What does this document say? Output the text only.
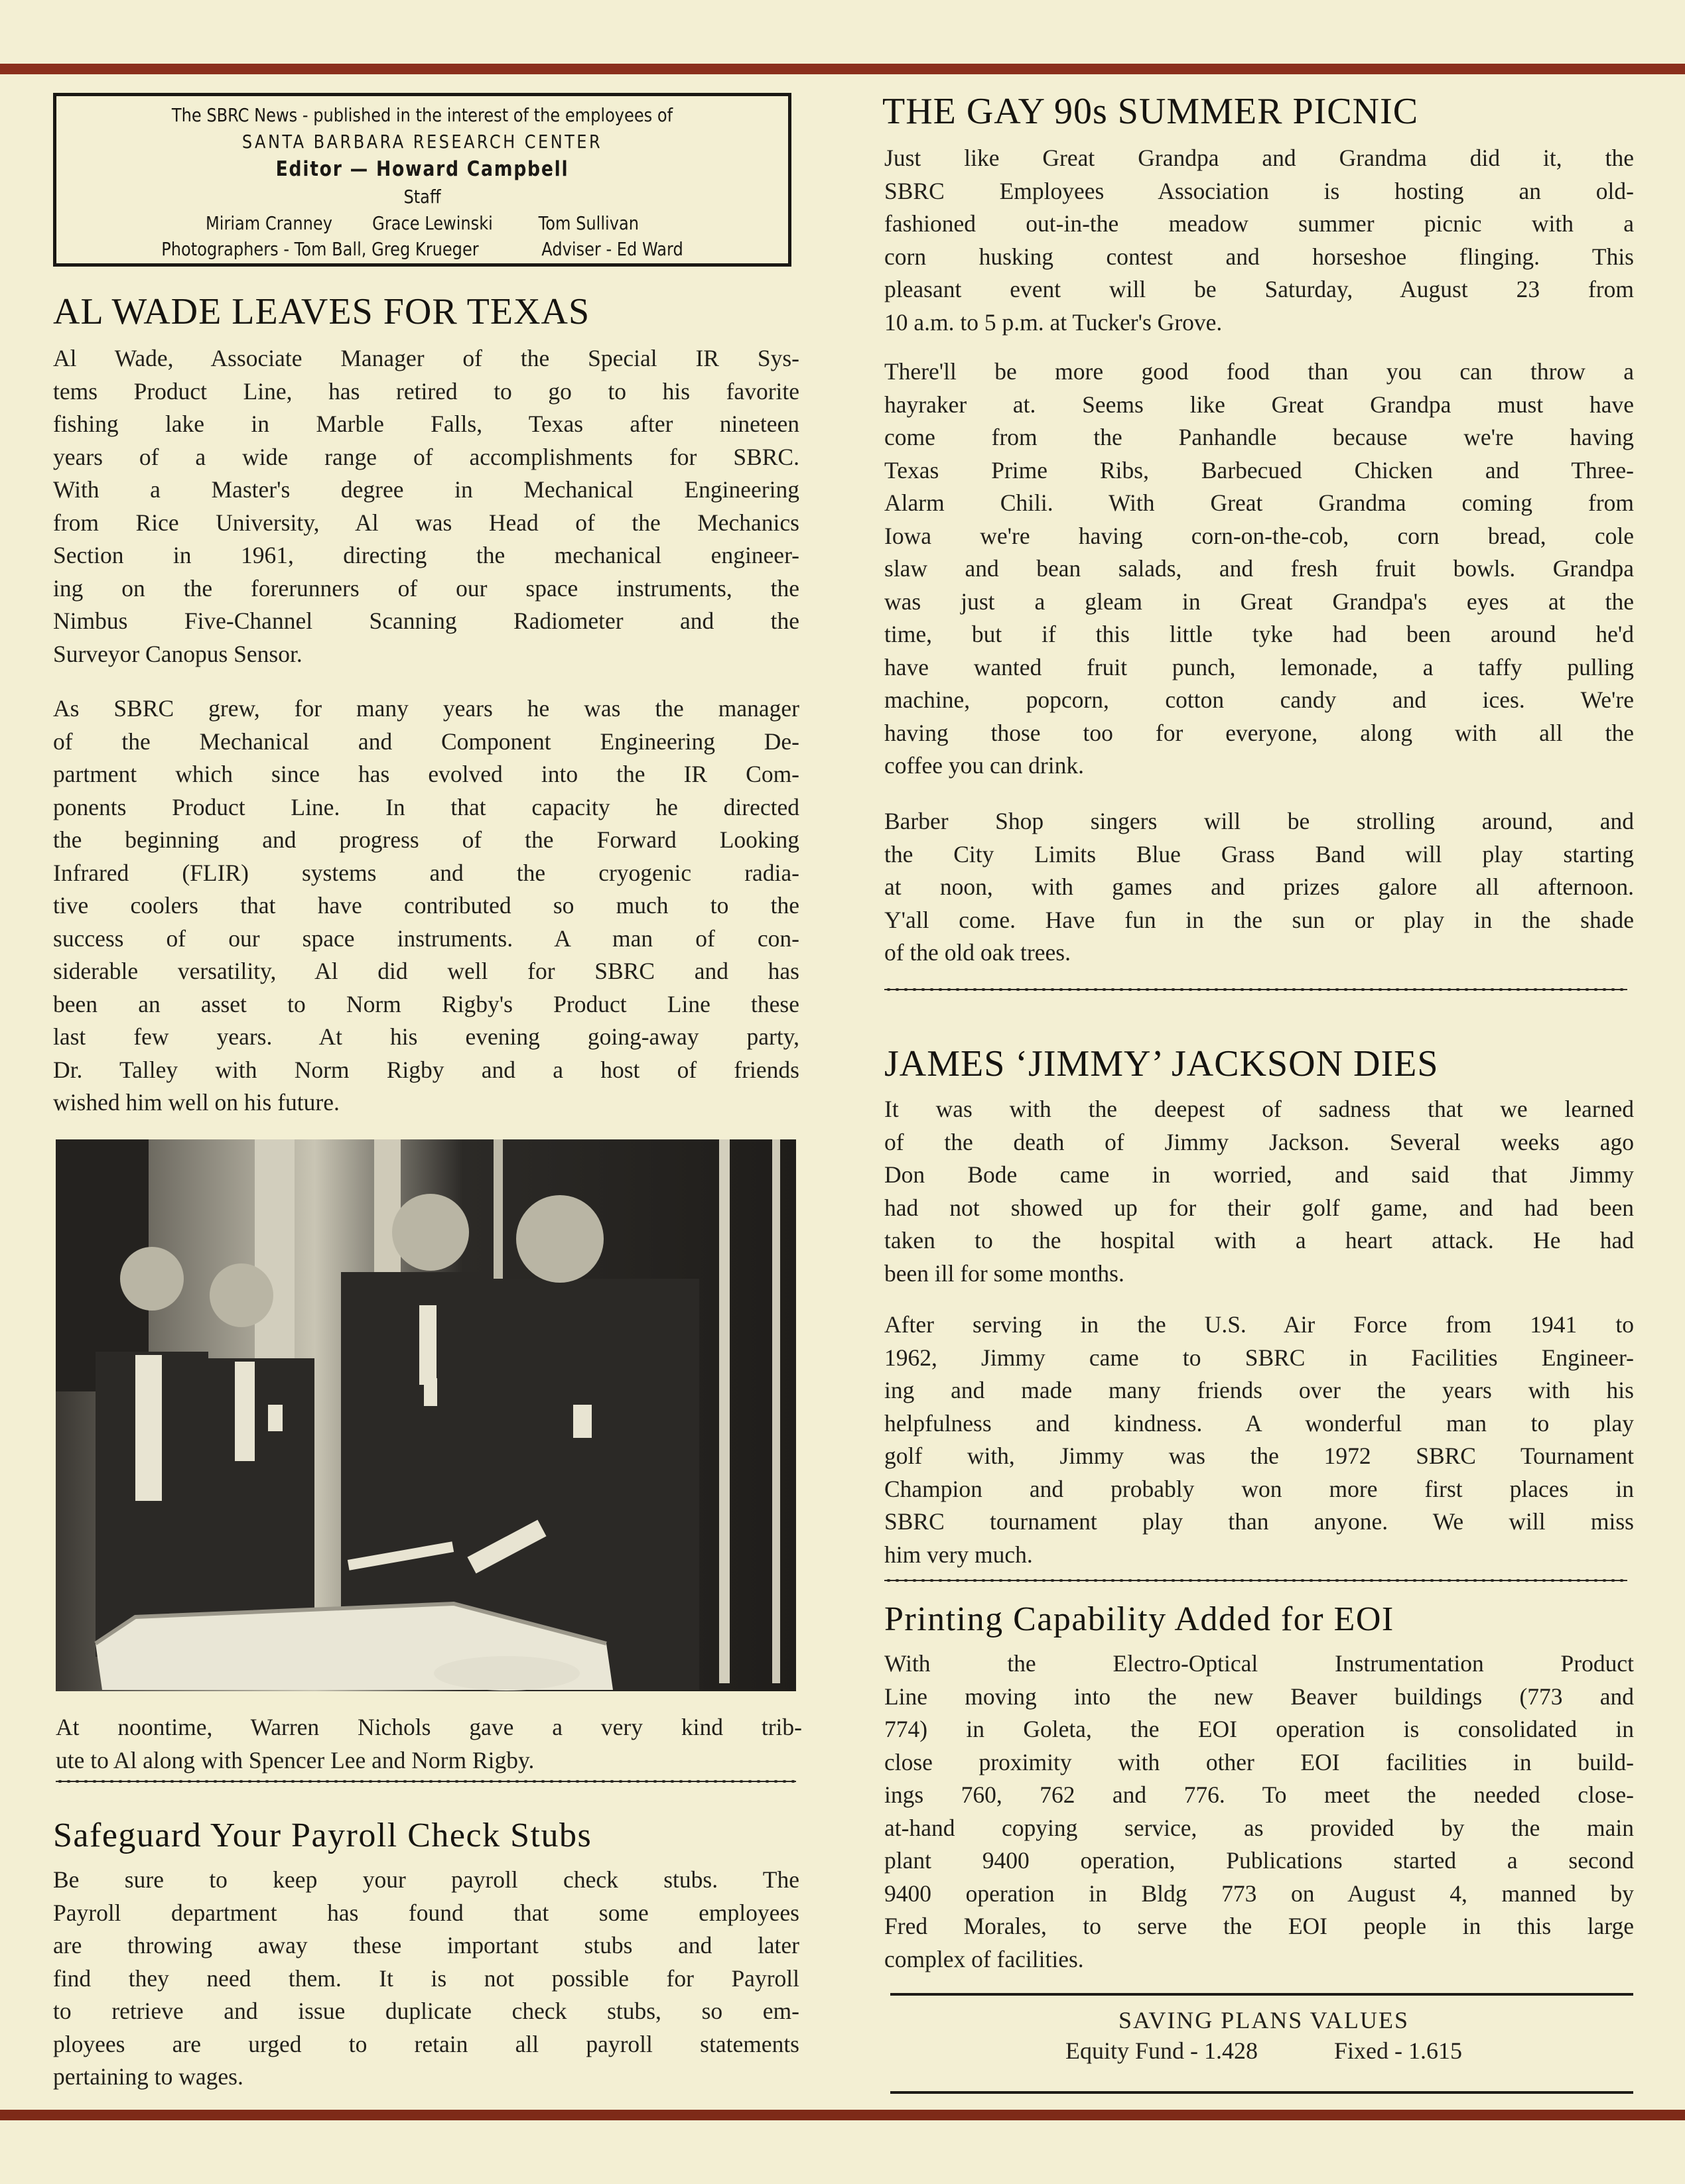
The SBRC News - published in the interest of the employees of
SANTA BARBARA RESEARCH CENTER
Editor — Howard Campbell
Staff
Miriam Cranney Grace Lewinski Tom Sullivan
Photographers - Tom Ball, Greg Krueger	Adviser - Ed Ward
AL WADE LEAVES FOR TEXAS
Al Wade, Associate Manager of the Special IR Sys-
tems Product Line, has retired to go to his favorite
fishing lake in Marble Falls, Texas after nineteen
years of a wide range of accomplishments for SBRC.
With a Master's degree in Mechanical Engineering
from Rice University, Al was Head of the Mechanics
Section in 1961, directing the mechanical engineer-
ing on the forerunners of our space instruments, the
Nimbus Five-Channel Scanning Radiometer and the
Surveyor Canopus Sensor.
As SBRC grew, for many years he was the manager
of the Mechanical and Component Engineering De-
partment which since has evolved into the IR Com-
ponents Product Line. In that capacity he directed
the beginning and progress of the Forward Looking
Infrared (FLIR) systems and the cryogenic radia-
tive coolers that have contributed so much to the
success of our space instruments. A man of con-
siderable versatility, Al did well for SBRC and has
been an asset to Norm Rigby's Product Line these
last few years. At his evening going-away party,
Dr. Talley with Norm Rigby and a host of friends
wished him well on his future.
At noontime, Warren Nichols gave a very kind trib-
ute to Al along with Spencer Lee and Norm Rigby.
Safeguard Your Payroll Check Stubs
Be sure to keep your payroll check stubs. The
Payroll department has found that some employees
are throwing away these important stubs and later
find they need them. It is not possible for Payroll
to retrieve and issue duplicate check stubs, so em-
ployees are urged to retain all payroll statements
pertaining to wages.
THE GAY 90s SUMMER PICNIC
Just like Great Grandpa and Grandma did it, the
SBRC Employees Association is hosting an old-
fashioned out-in-the meadow summer picnic with a
corn husking contest and horseshoe flinging. This
pleasant event will be Saturday, August 23 from
10 a.m. to 5 p.m. at Tucker's Grove.
There'll be more good food than you can throw a
hayraker at. Seems like Great Grandpa must have
come from the Panhandle because we're having
Texas Prime Ribs, Barbecued Chicken and Three-
Alarm Chili. With Great Grandma coming from
Iowa we're having corn-on-the-cob, corn bread, cole
slaw and bean salads, and fresh fruit bowls. Grandpa
was just a gleam in Great Grandpa's eyes at the
time, but if this little tyke had been around he'd
have wanted fruit punch, lemonade, a taffy pulling
machine, popcorn, cotton candy and ices. We're
having those too for everyone, along with all the
coffee you can drink.
Barber Shop singers will be strolling around, and
the City Limits Blue Grass Band will play starting
at noon, with games and prizes galore all afternoon.
Y'all come. Have fun in the sun or play in the shade
of the old oak trees.
JAMES ‘JIMMY’ JACKSON DIES
It was with the deepest of sadness that we learned
of the death of Jimmy Jackson. Several weeks ago
Don Bode came in worried, and said that Jimmy
had not showed up for their golf game, and had been
taken to the hospital with a heart attack. He had
been ill for some months.
After serving in the U.S. Air Force from 1941 to
1962, Jimmy came to SBRC in Facilities Engineer-
ing and made many friends over the years with his
helpfulness and kindness. A wonderful man to play
golf with, Jimmy was the 1972 SBRC Tournament
Champion and probably won more first places in
SBRC tournament play than anyone. We will miss
him very much.
Printing Capability Added for EOI
With the Electro-Optical Instrumentation Product
Line moving into the new Beaver buildings (773 and
774) in Goleta, the EOI operation is consolidated in
close proximity with other EOI facilities in build-
ings 760, 762 and 776. To meet the needed close-
at-hand copying service, as provided by the main
plant 9400 operation, Publications started a second
9400 operation in Bldg 773 on August 4, manned by
Fred Morales, to serve the EOI people in this large
complex of facilities.
SAVING PLANS VALUES
Equity Fund - 1.428	Fixed - 1.615
